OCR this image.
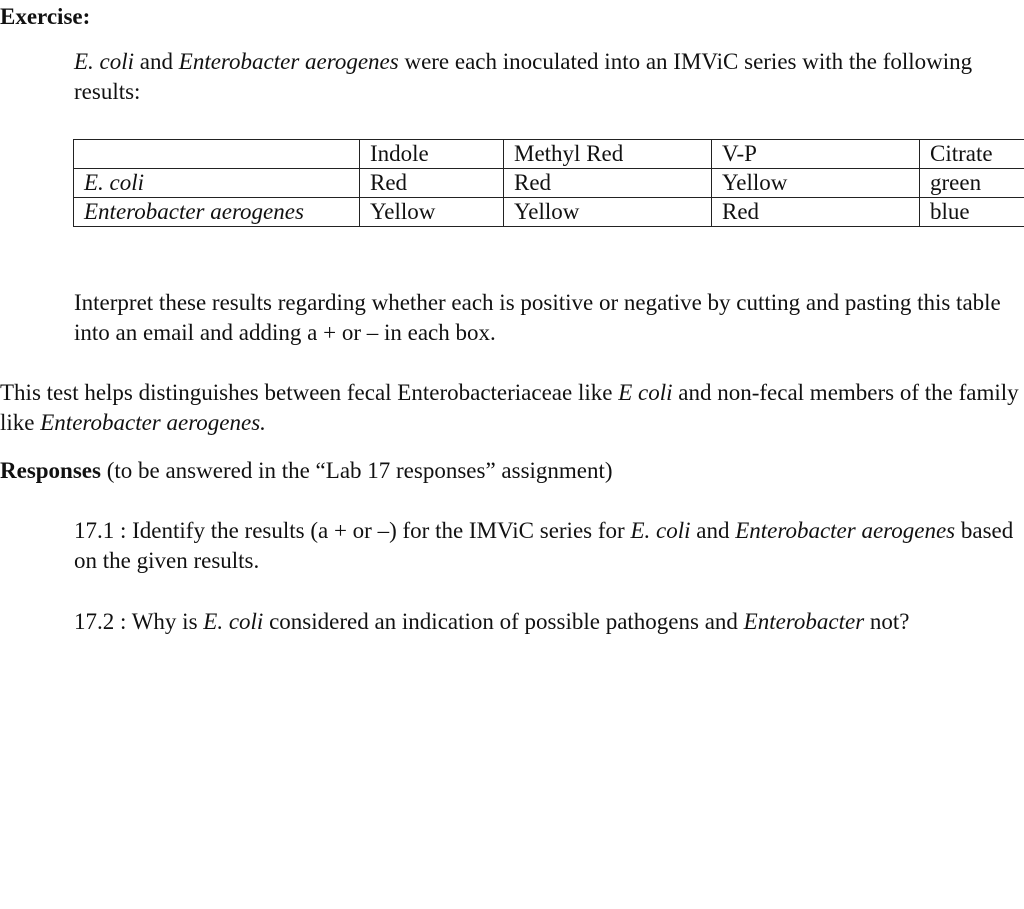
Exercise:
E. coli and Enterobacter aerogenes were each inoculated into an IMViC series with the following results:
	Indole	Methyl Red	V-P	Citrate
E. coli	Red	Red	Yellow	green
Enterobacter aerogenes	Yellow	Yellow	Red	blue
Interpret these results regarding whether each is positive or negative by cutting and pasting this table into an email and adding a + or – in each box.
This test helps distinguishes between fecal Enterobacteriaceae like E coli and non-fecal members of the family like Enterobacter aerogenes.
Responses (to be answered in the “Lab 17 responses” assignment)
17.1 : Identify the results (a + or –) for the IMViC series for E. coli and Enterobacter aerogenes based on the given results.
17.2 : Why is E. coli considered an indication of possible pathogens and Enterobacter not?
